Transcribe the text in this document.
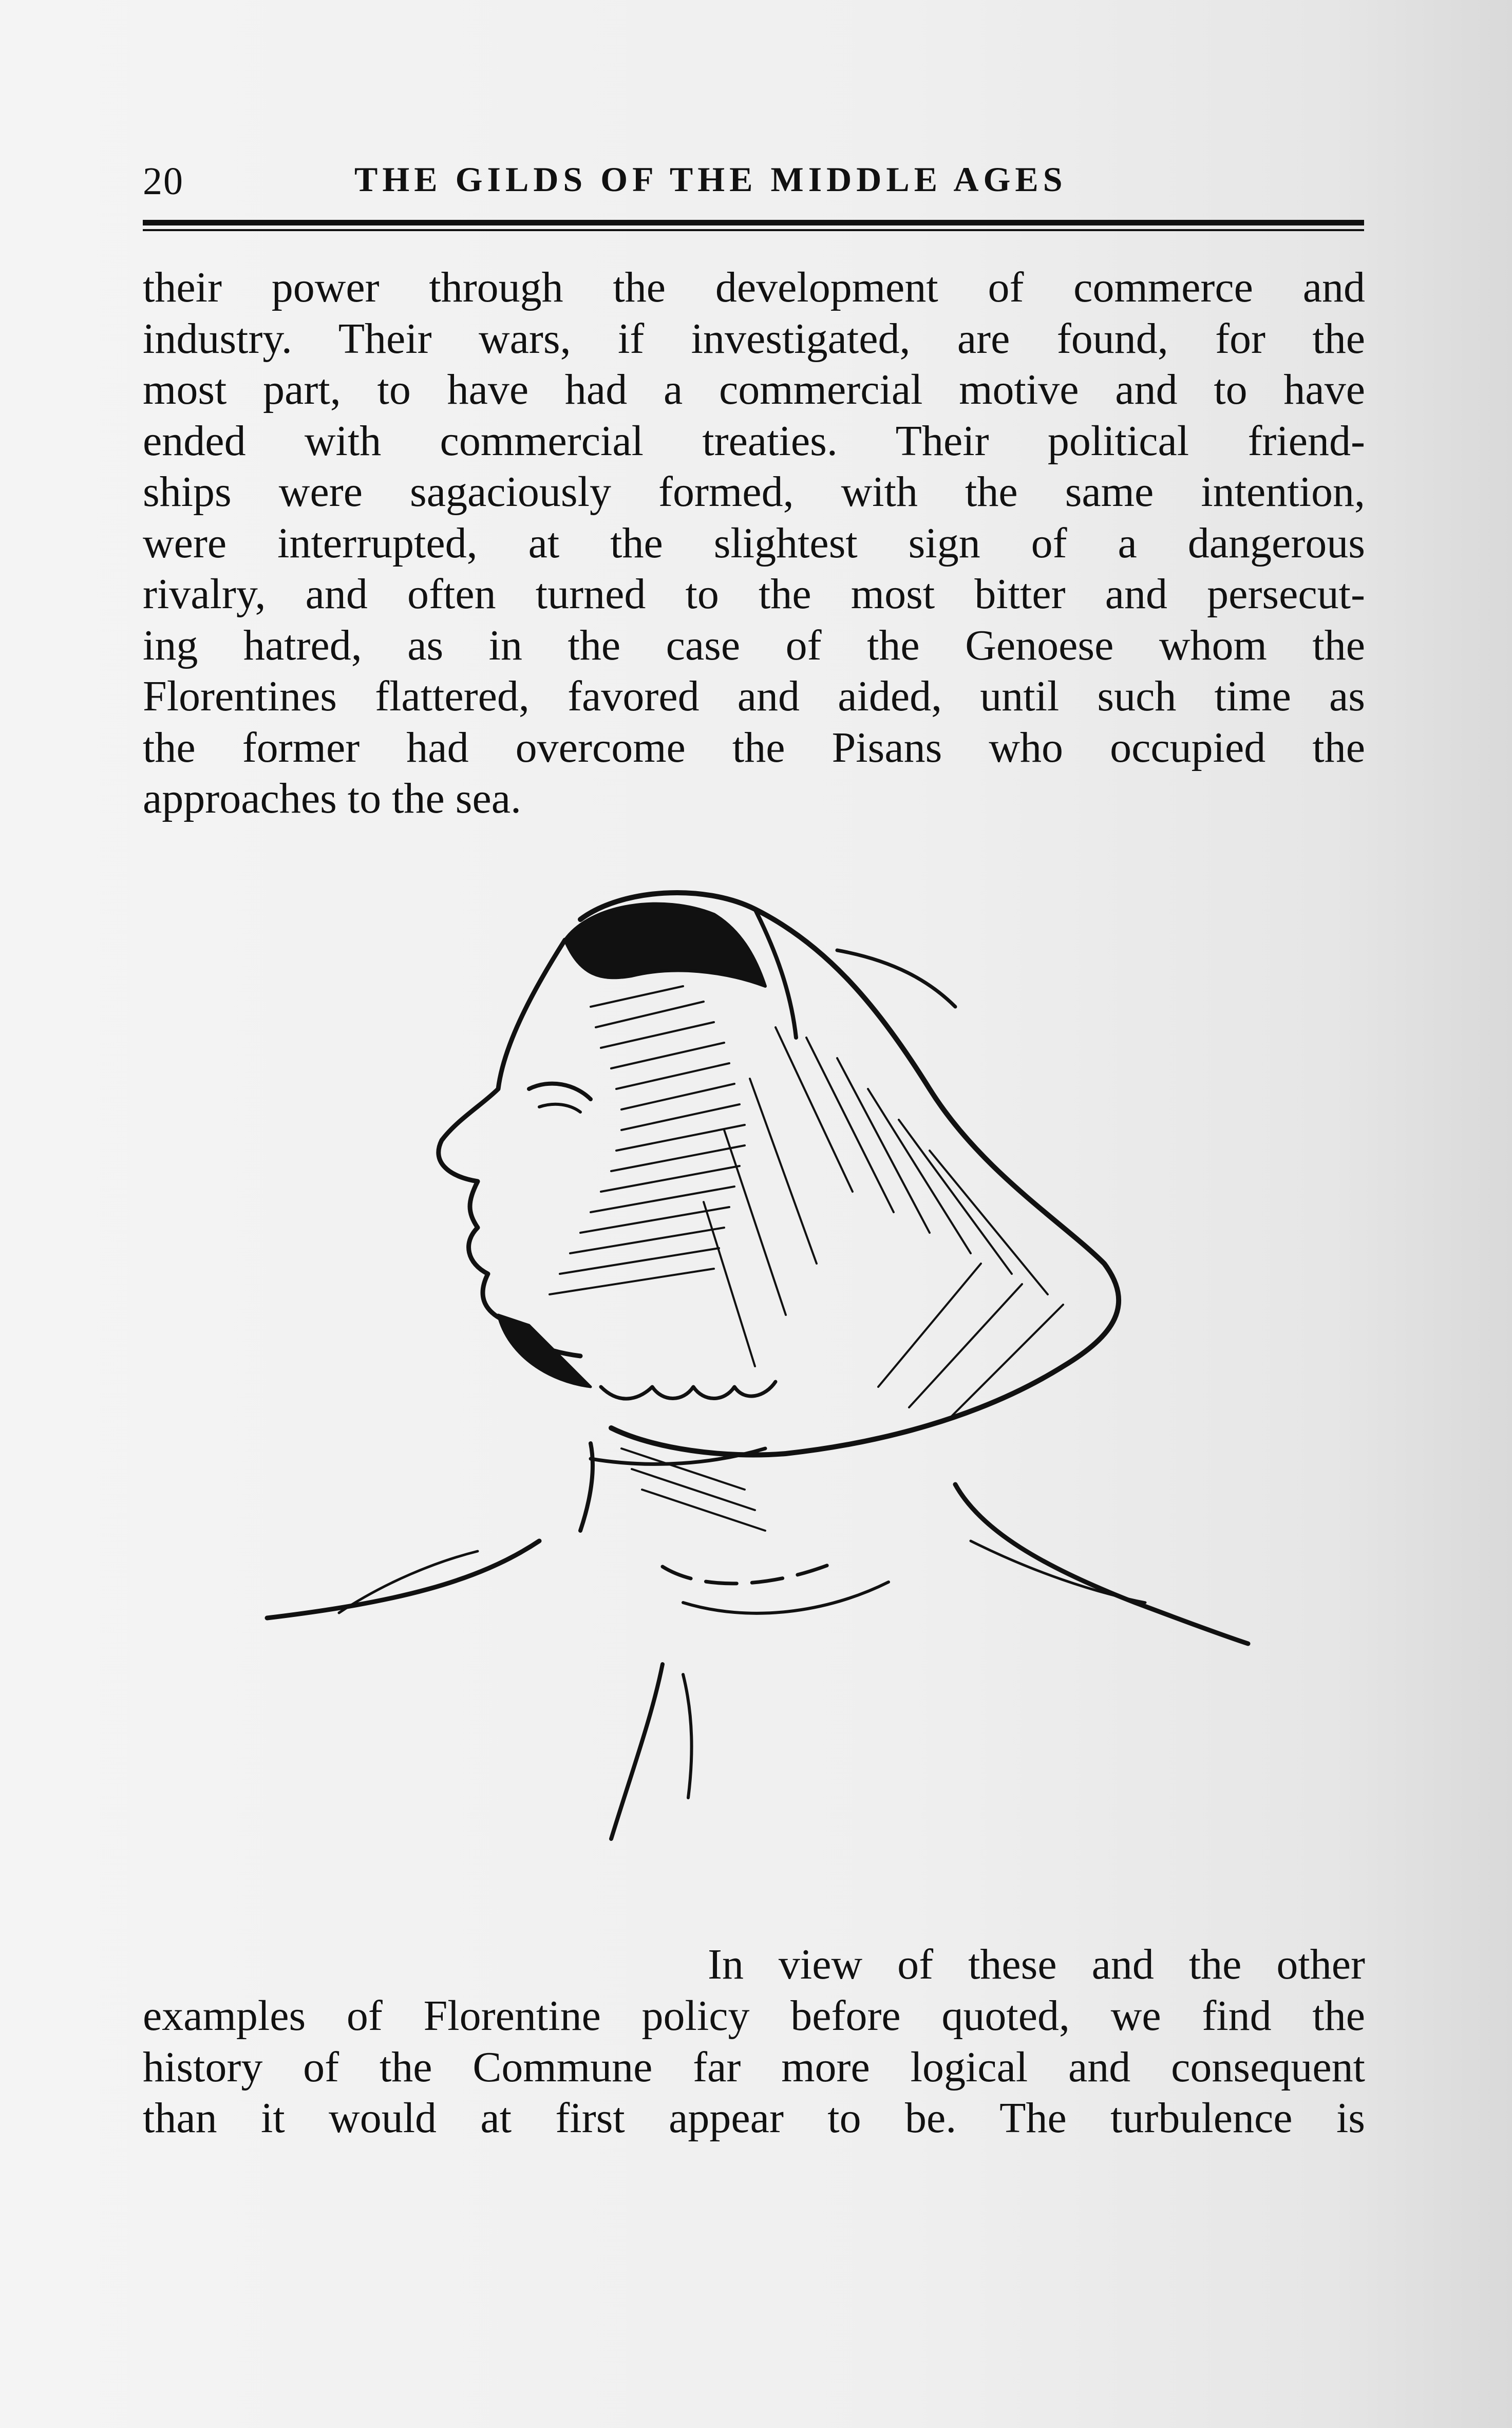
20	THE GILDS OF THE MIDDLE AGES
their power through the development of commerce and
industry. Their wars, if investigated, are found, for the
most part, to have had a commercial motive and to have
ended with commercial treaties. Their political friend-
ships were sagaciously formed, with the same intention,
were interrupted, at the slightest sign of a dangerous
rivalry, and often turned to the most bitter and persecut-
ing hatred, as in the case of the Genoese whom the
Florentines flattered, favored and aided, until such time as
the former had overcome the Pisans who occupied the
approaches to the sea.
In view of these and the other
examples of Florentine policy before quoted, we find the
history of the Commune far more logical and consequent
than it would at first appear to be. The turbulence is
